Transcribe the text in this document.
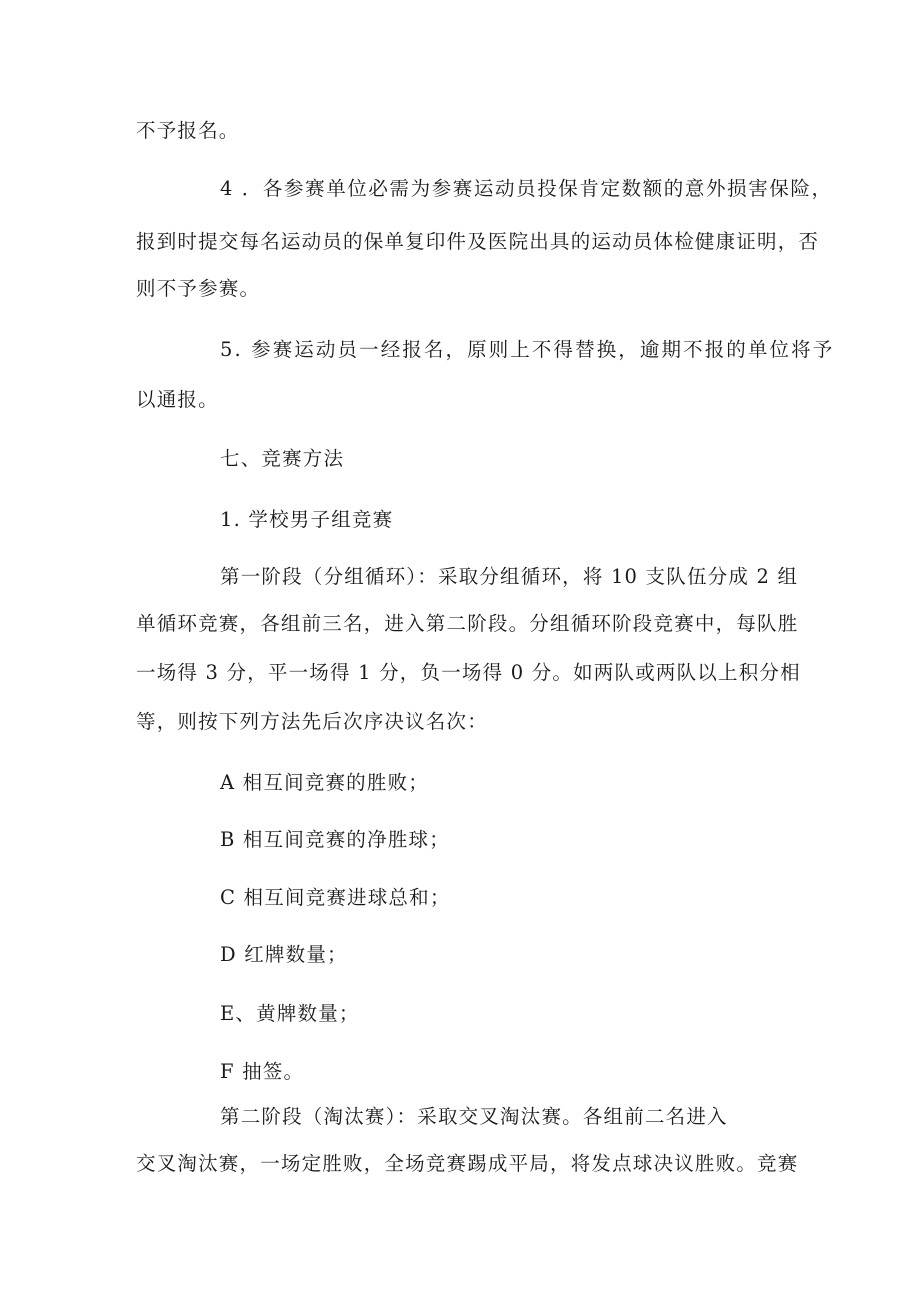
不予报名。

4 ．各参赛单位必需为参赛运动员投保肯定数额的意外损害保险，

报到时提交每名运动员的保单复印件及医院出具的运动员体检健康证明，否

则不予参赛。

5. 参赛运动员一经报名，原则上不得替换，逾期不报的单位将予

以通报。

七、竞赛方法

1. 学校男子组竞赛

第一阶段（分组循环）：采取分组循环，将 10 支队伍分成 2 组

单循环竞赛，各组前三名，进入第二阶段。分组循环阶段竞赛中，每队胜

一场得 3 分，平一场得 1 分，负一场得 0 分。如两队或两队以上积分相

等，则按下列方法先后次序决议名次：

A 相互间竞赛的胜败；

B 相互间竞赛的净胜球；

C 相互间竞赛进球总和；

D 红牌数量；

E、黄牌数量；

F 抽签。

第二阶段（淘汰赛）：采取交叉淘汰赛。各组前二名进入

交叉淘汰赛，一场定胜败，全场竞赛踢成平局，将发点球决议胜败。竞赛
